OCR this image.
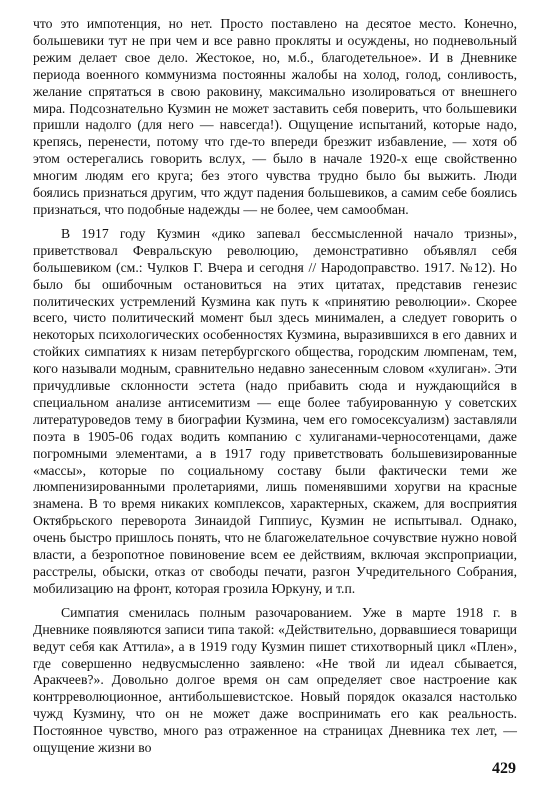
что это импотенция, но нет. Просто поставлено на десятое место. Конечно, большевики тут не при чем и все равно прокляты и осуждены, но подневольный режим делает свое дело. Жестокое, но, м.б., благодетельное». И в Дневнике периода военного коммунизма постоянны жалобы на холод, голод, сонливость, желание спрятаться в свою раковину, максимально изолироваться от внешнего мира. Подсознательно Кузмин не может заставить себя поверить, что большевики пришли надолго (для него — навсегда!). Ощущение испытаний, которые надо, крепясь, перенести, потому что где-то впереди брезжит избавление, — хотя об этом остерегались говорить вслух, — было в начале 1920-х еще свойственно многим людям его круга; без этого чувства трудно было бы выжить. Люди боялись признаться другим, что ждут падения большевиков, а самим себе боялись признаться, что подобные надежды — не более, чем самообман.

В 1917 году Кузмин «дико запевал бессмысленной начало тризны», приветствовал Февральскую революцию, демонстративно объявлял себя большевиком (см.: Чулков Г. Вчера и сегодня // Народоправство. 1917. №12). Но было бы ошибочным остановиться на этих цитатах, представив генезис политических устремлений Кузмина как путь к «принятию революции». Скорее всего, чисто политический момент был здесь минимален, а следует говорить о некоторых психологических особенностях Кузмина, выразившихся в его давних и стойких симпатиях к низам петербургского общества, городским люмпенам, тем, кого называли модным, сравнительно недавно занесенным словом «хулиган». Эти причудливые склонности эстета (надо прибавить сюда и нуждающийся в специальном анализе антисемитизм — еще более табуированную у советских литературоведов тему в биографии Кузмина, чем его гомосексуализм) заставляли поэта в 1905-06 годах водить компанию с хулиганами-черносотенцами, даже погромными элементами, а в 1917 году приветствовать большевизированные «массы», которые по социальному составу были фактически теми же люмпенизированными пролетариями, лишь поменявшими хоругви на красные знамена. В то время никаких комплексов, характерных, скажем, для восприятия Октябрьского переворота Зинаидой Гиппиус, Кузмин не испытывал. Однако, очень быстро пришлось понять, что не благожелательное сочувствие нужно новой власти, а безропотное повиновение всем ее действиям, включая экспроприации, расстрелы, обыски, отказ от свободы печати, разгон Учредительного Собрания, мобилизацию на фронт, которая грозила Юркуну, и т.п.

Симпатия сменилась полным разочарованием. Уже в марте 1918 г. в Дневнике появляются записи типа такой: «Действительно, дорвавшиеся товарищи ведут себя как Аттила», а в 1919 году Кузмин пишет стихотворный цикл «Плен», где совершенно недвусмысленно заявлено: «Не твой ли идеал сбывается, Аракчеев?». Довольно долгое время он сам определяет свое настроение как контрреволюционное, антибольшевистское. Новый порядок оказался настолько чужд Кузмину, что он не может даже воспринимать его как реальность. Постоянное чувство, много раз отраженное на страницах Дневника тех лет, — ощущение жизни во

429
